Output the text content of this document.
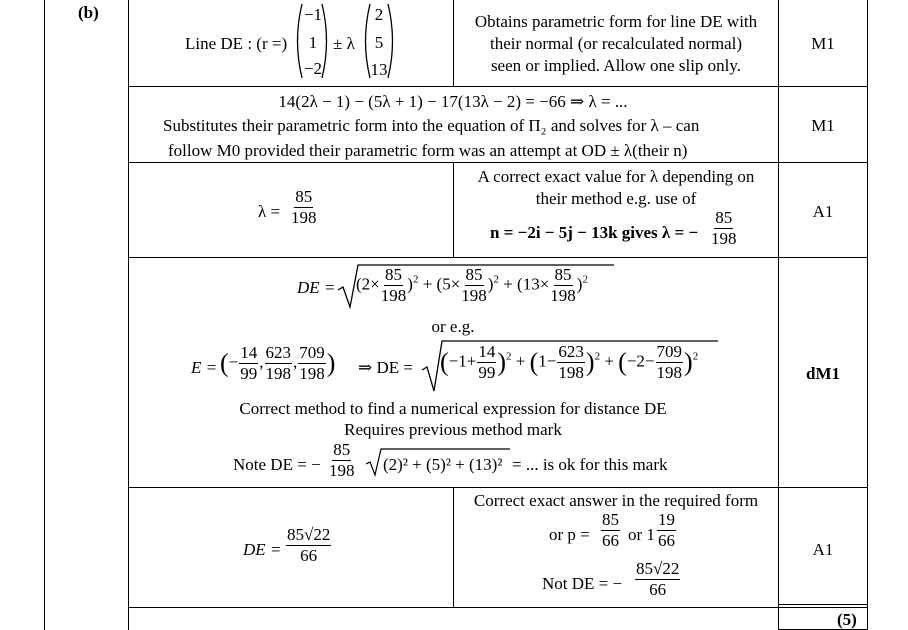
(b)
Line DE : (r =)
−1
1
−2
± λ
2
5
13
Obtains parametric form for line DE with
their normal (or recalculated normal)
seen or implied. Allow one slip only.
M1
14(2λ − 1) − (5λ + 1) − 17(13λ − 2) = −66 ⇒ λ = ...
Substitutes their parametric form into the equation of Π₂ and solves for λ – can
follow M0 provided their parametric form was an attempt at OD ± λ(their n)
M1
$\lambda = \frac{85}{198}$
A correct exact value for λ depending on
their method e.g. use of
n = −2i − 5j − 13k gives λ = − $\frac{85}{198}$	A1
DE = $(2\times \frac{85}{198} )^2 + (5\times \frac{85}{198} )^2 + (13\times \frac{85}{198} )^2$
or e.g.
E = (− $\frac{14}{99}$ , $\frac{623}{198}$ , $\frac{709}{198}$ ) ⇒ DE = $(-1+ \frac{14}{99} )^2 + (1- \frac{623}{198} )^2 + (-2- \frac{709}{198} )^2$
Correct method to find a numerical expression for distance DE
Requires previous method mark
Note DE = − $\frac{85}{198} (2)^2 + (5)^2 + (13)^2$ = ... is ok for this mark
dM1
DE = $\frac{85√22}{66}$
Correct exact answer in the required form
or $p = \frac{85}{66}$ or $1 \frac{19}{66}$
Not DE = − $\frac{85√22}{66}$
A1
(5)
